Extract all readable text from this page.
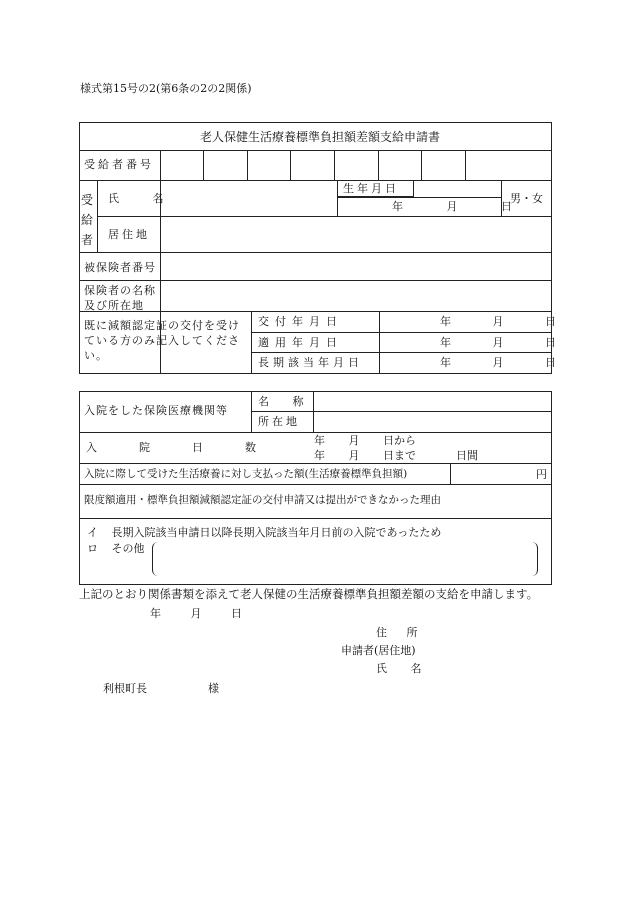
様式第15号の2(第6条の2の2関係)
老人保健生活療養標準負担額差額支給申請書
受給者番号
受給者
氏 名
生年月日
年 月 日
男・女
居住地
被保険者番号
保険者の名称及び所在地
既に減額認定証の交付を受けている方のみ記入してください。
交付年月日	年 月 日
適用年月日	年 月 日
長期該当年月日	年 月 日
入院をした保険医療機関等
名 称
所在地
入院日数
年 月 日から
年 月 日まで	日間
入院に際して受けた生活療養に対し支払った額(生活療養標準負担額)	円
限度額適用・標準負担額減額認定証の交付申請又は提出ができなかった理由
イ 長期入院該当申請日以降長期入院該当年月日前の入院であったため
ロ その他
上記のとおり関係書類を添えて老人保健の生活療養標準負担額差額の支給を申請します。
年 月 日
住 所
申請者(居住地)
氏 名
利根町長	様
